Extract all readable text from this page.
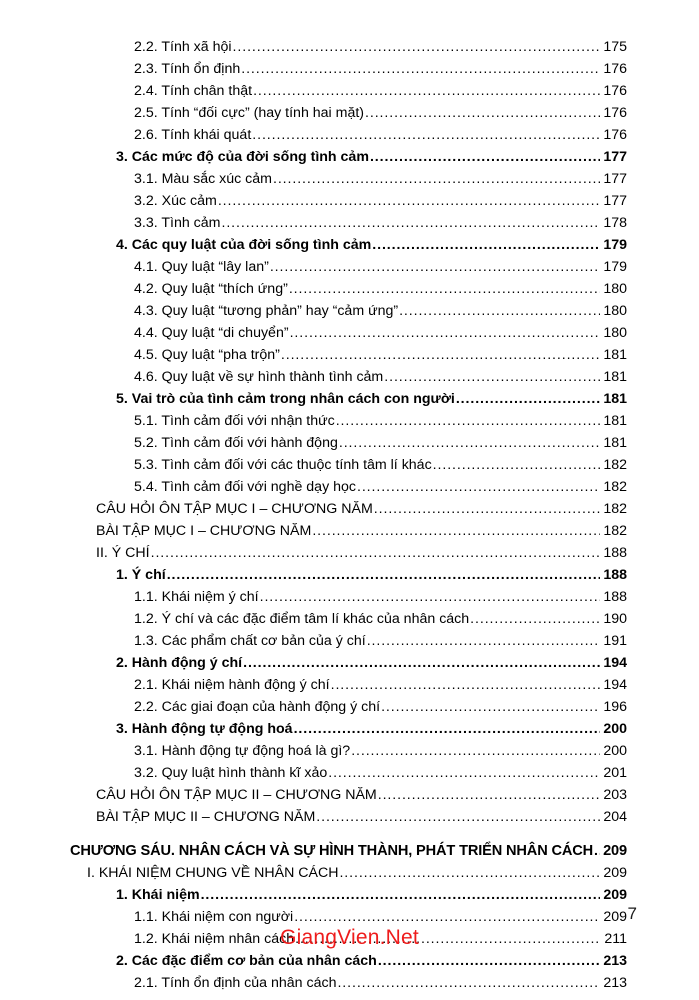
2.2. Tính xã hội .....	175
2.3. Tính ổn định .....	176
2.4. Tính chân thật .....	176
2.5. Tính “đối cực” (hay tính hai mặt) .....	176
2.6. Tính khái quát .....	176
3. Các mức độ của đời sống tình cảm .....	177
3.1. Màu sắc xúc cảm .....	177
3.2. Xúc cảm .....	177
3.3. Tình cảm .....	178
4. Các quy luật của đời sống tình cảm .....	179
4.1. Quy luật “lây lan” .....	179
4.2. Quy luật “thích ứng” .....	180
4.3. Quy luật “tương phản” hay “cảm ứng” .....	180
4.4. Quy luật “di chuyển” .....	180
4.5. Quy luật “pha trộn” .....	181
4.6. Quy luật về sự hình thành tình cảm .....	181
5. Vai trò của tình cảm trong nhân cách con người .....	181
5.1. Tình cảm đối với nhận thức .....	181
5.2. Tình cảm đối với hành động .....	181
5.3. Tình cảm đối với các thuộc tính tâm lí khác .....	182
5.4. Tình cảm đối với nghề dạy học .....	182
CÂU HỎI ÔN TẬP MỤC I – CHƯƠNG NĂM .....	182
BÀI TẬP MỤC I – CHƯƠNG NĂM .....	182
II. Ý CHÍ .....	188
1. Ý chí .....	188
1.1. Khái niệm ý chí .....	188
1.2. Ý chí và các đặc điểm tâm lí khác của nhân cách .....	190
1.3. Các phẩm chất cơ bản của ý chí .....	191
2. Hành động ý chí .....	194
2.1. Khái niệm hành động ý chí .....	194
2.2. Các giai đoạn của hành động ý chí .....	196
3. Hành động tự động hoá .....	200
3.1. Hành động tự động hoá là gì? .....	200
3.2. Quy luật hình thành kĩ xảo .....	201
CÂU HỎI ÔN TẬP MỤC II – CHƯƠNG NĂM .....	203
BÀI TẬP MỤC II – CHƯƠNG NĂM .....	204
CHƯƠNG SÁU. NHÂN CÁCH VÀ SỰ HÌNH THÀNH, PHÁT TRIỂN NHÂN CÁCH ..... 209
I. KHÁI NIỆM CHUNG VỀ NHÂN CÁCH .....	209
1. Khái niệm .....	209
1.1. Khái niệm con người .....	209
1.2. Khái niệm nhân cách .....	211
2. Các đặc điểm cơ bản của nhân cách .....	213
2.1. Tính ổn định của nhân cách .....	213
7
GiangVien.Net
